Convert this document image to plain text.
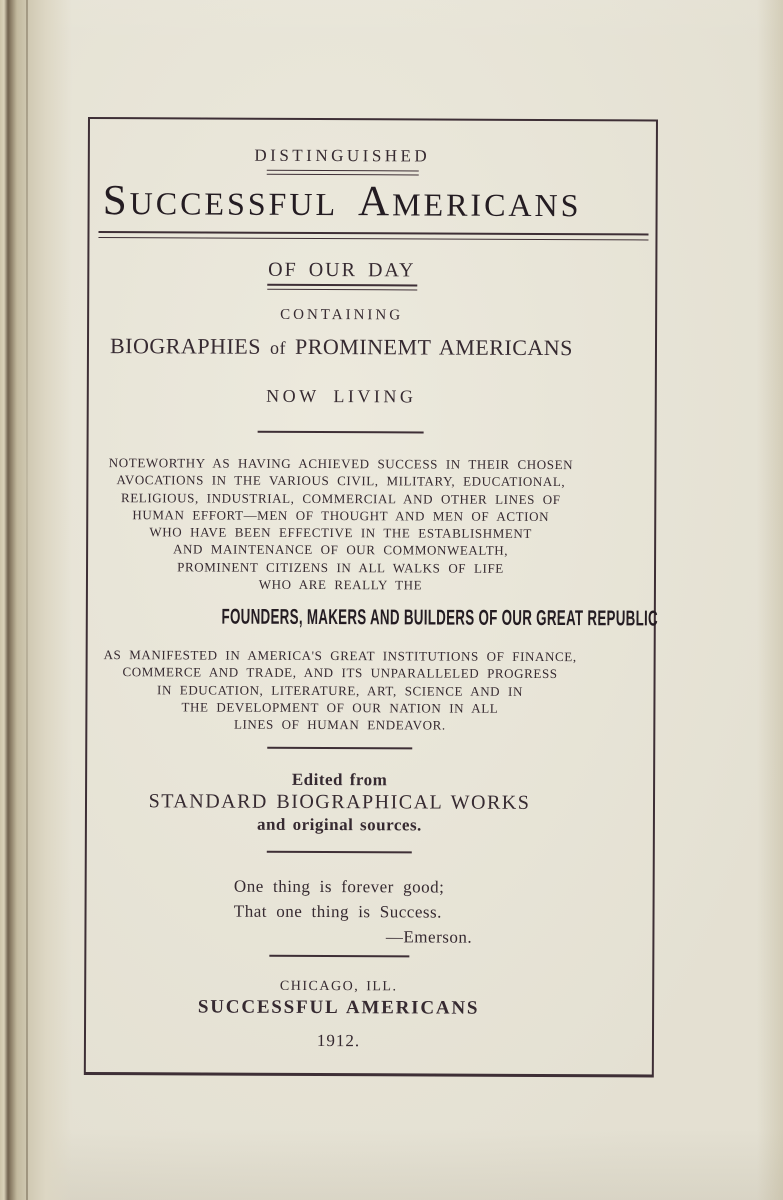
DISTINGUISHED
SUCCESSFUL AMERICANS
OF OUR DAY
CONTAINING
BIOGRAPHIES of PROMINEMT AMERICANS
NOW LIVING
NOTEWORTHY AS HAVING ACHIEVED SUCCESS IN THEIR CHOSEN
AVOCATIONS IN THE VARIOUS CIVIL, MILITARY, EDUCATIONAL,
RELIGIOUS, INDUSTRIAL, COMMERCIAL AND OTHER LINES OF
HUMAN EFFORT—MEN OF THOUGHT AND MEN OF ACTION
WHO HAVE BEEN EFFECTIVE IN THE ESTABLISHMENT
AND MAINTENANCE OF OUR COMMONWEALTH,
PROMINENT CITIZENS IN ALL WALKS OF LIFE
WHO ARE REALLY THE
FOUNDERS, MAKERS AND BUILDERS OF OUR GREAT REPUBLIC
AS MANIFESTED IN AMERICA'S GREAT INSTITUTIONS OF FINANCE,
COMMERCE AND TRADE, AND ITS UNPARALLELED PROGRESS
IN EDUCATION, LITERATURE, ART, SCIENCE AND IN
THE DEVELOPMENT OF OUR NATION IN ALL
LINES OF HUMAN ENDEAVOR.
Edited from
STANDARD BIOGRAPHICAL WORKS
and original sources.
One thing is forever good;
That one thing is Success.
—Emerson.
CHICAGO, ILL.
SUCCESSFUL AMERICANS
1912.
